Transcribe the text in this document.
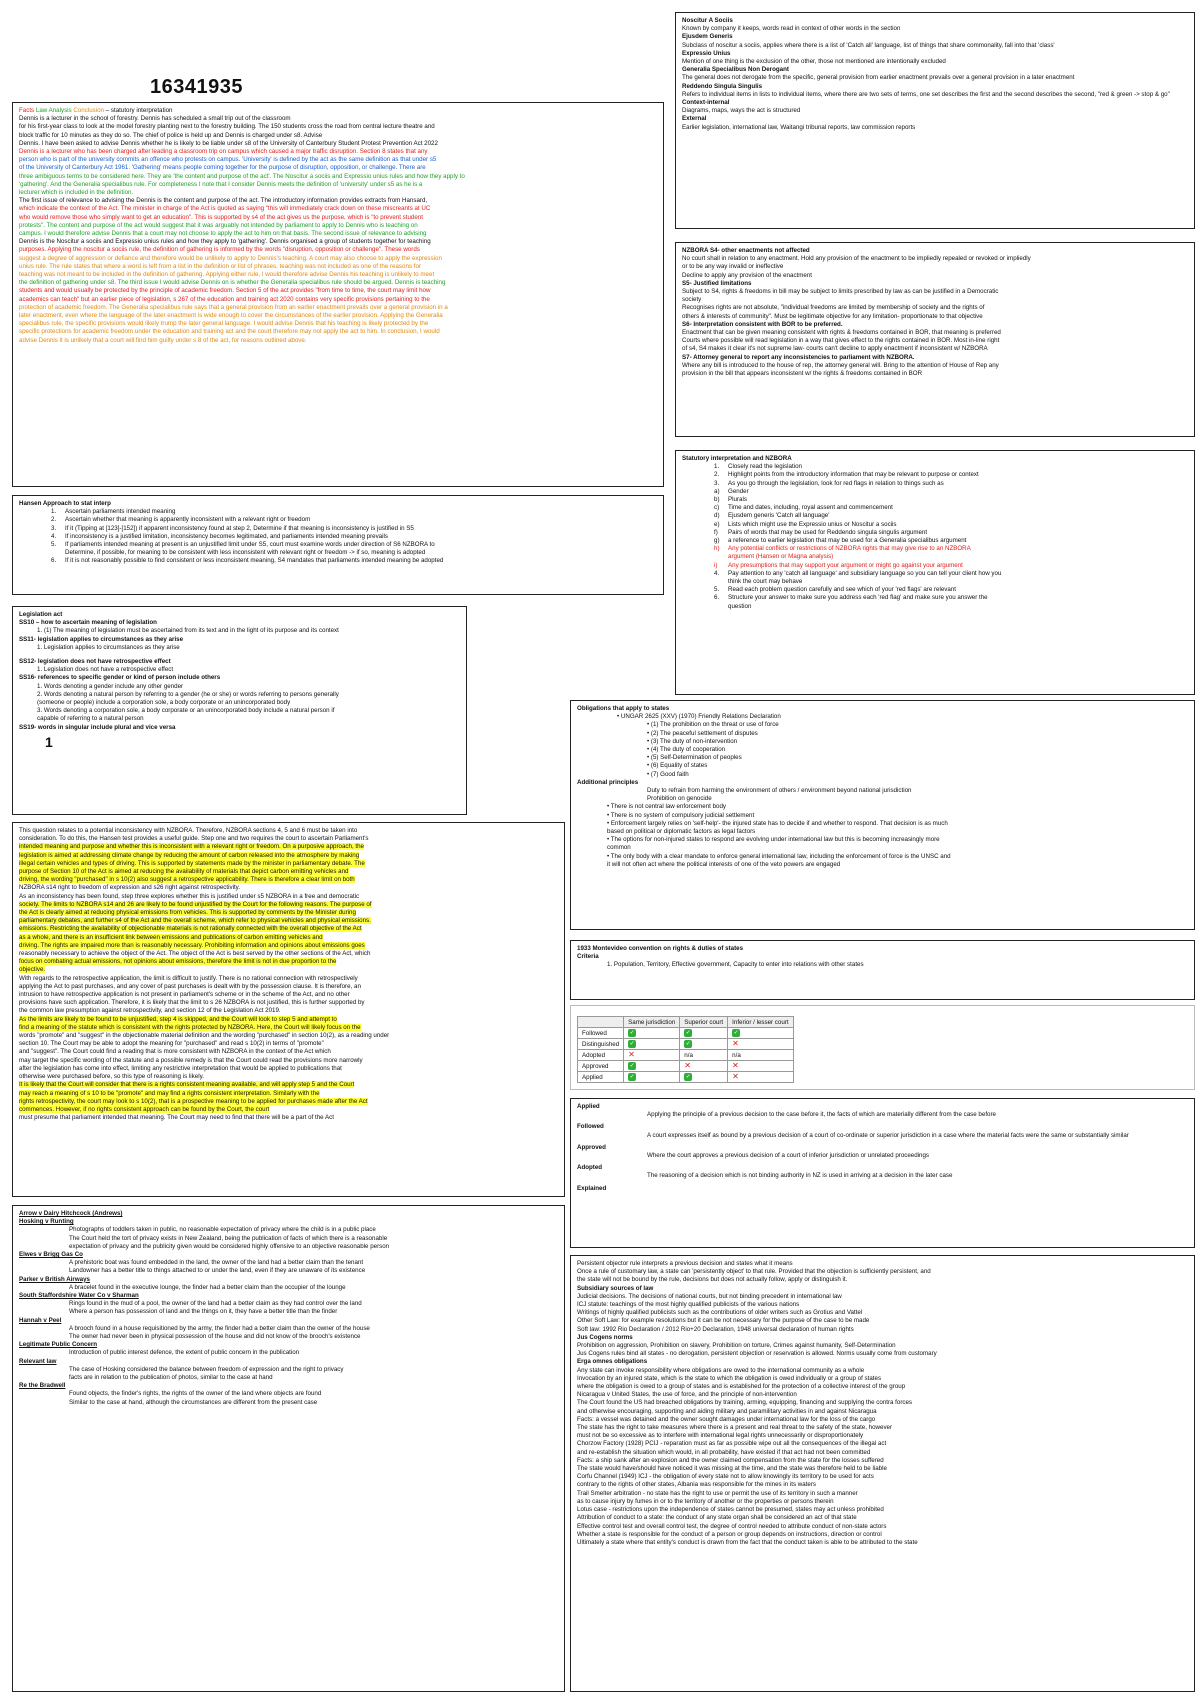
16341935
Noscitur A Sociis
Known by company it keeps, words read in context of other words in the section
Ejusdem Generis
Subclass of noscitur a sociis, applies where there is a list of 'Catch all' language, list of things that share commonality, fall into that 'class'
Expressio Unius
Mention of one thing is the exclusion of the other, those not mentioned are intentionally excluded
Generalia Specialibus Non Derogant
The general does not derogate from the specific, general provision from earlier enactment prevails over a general provision in a later enactment
Reddendo Singula Singulis
Refers to individual items in lists to individual items, where there are two sets of terms, one set describes the first and the second describes the second, "red & green -> stop & go"
Context-internal
Diagrams, maps, ways the act is structured
External
Earlier legislation, international law, Waitangi tribunal reports, law commission reports
Facts Law Analysis Conclusion – statutory interpretation
Dennis is a lecturer in the school of forestry. Dennis has scheduled a small trip out of the classroom
for his first-year class to look at the model forestry planting next to the forestry building. The 150 students cross the road from central lecture theatre and
block traffic for 10 minutes as they do so. The chief of police is held up and Dennis is charged under s8. Advise
Dennis. I have been asked to advise Dennis whether he is likely to be liable under s8 of the University of Canterbury Student Protest Prevention Act 2022
Dennis is a lecturer who has been charged after leading a classroom trip on campus which caused a major traffic disruption. Section 8 states that any
person who is part of the university commits an offence who protests on campus. 'University' is defined by the act as the same definition as that under s5
of the University of Canterbury Act 1961. 'Gathering' means people coming together for the purpose of disruption, opposition, or challenge. There are
three ambiguous terms to be considered here. They are 'the content and purpose of the act'. The Noscitur a sociis and Expressio unius rules and how they apply to
'gathering'. And the Generalia specialibus rule. For completeness I note that I consider Dennis meets the definition of 'university' under s5 as he is a
lecturer which is included in the definition.
The first issue of relevance to advising the Dennis is the content and purpose of the act. The introductory information provides extracts from Hansard,
which indicate the context of the Act. The minister in charge of the Act is quoted as saying "this will immediately crack down on these miscreants at UC
who would remove those who simply want to get an education". This is supported by s4 of the act gives us the purpose, which is "to prevent student
protests". The content and purpose of the act would suggest that it was arguably not intended by parliament to apply to Dennis who is teaching on
campus. I would therefore advise Dennis that a court may not choose to apply the act to him on that basis. The second issue of relevance to advising
Dennis is the Noscitur a sociis and Expressio unius rules and how they apply to 'gathering'. Dennis organised a group of students together for teaching
purposes. Applying the noscitur a sociis rule, the definition of gathering is informed by the words "disruption, opposition or challenge". These words
suggest a degree of aggression or defiance and therefore would be unlikely to apply to Dennis's teaching. A court may also choose to apply the expression
unius rule. The rule states that where a word is left from a list in the definition or list of phrases, teaching was not included as one of the reasons for
teaching was not meant to be included in the definition of gathering. Applying either rule, I would therefore advise Dennis his teaching is unlikely to meet
the definition of gathering under s8. The third issue I would advise Dennis on is whether the Generalia specialibus rule should be argued. Dennis is teaching
students and would usually be protected by the principle of academic freedom. Section 5 of the act provides "from time to time, the court may limit how
academics can teach" but an earlier piece of legislation, s 267 of the education and training act 2020 contains very specific provisions pertaining to the
protection of academic freedom. The Generalia specialibus rule says that a general provision from an earlier enactment prevails over a general provision in a
later enactment, even where the language of the later enactment is wide enough to cover the circumstances of the earlier provision. Applying the Generalia
specialibus rule, the specific provisions would likely trump the later general language. I would advise Dennis that his teaching is likely protected by the
specific protections for academic freedom under the education and training act and the court therefore may not apply the act to him. In conclusion, I would
advise Dennis it is unlikely that a court will find him guilty under s 8 of the act, for reasons outlined above.
NZBORA S4- other enactments not affected
No court shall in relation to any enactment. Hold any provision of the enactment to be impliedly repealed or revoked or impliedly
or to be any way invalid or ineffective
Decline to apply any provision of the enactment
S5- Justified limitations
Subject to S4, rights & freedoms in bill may be subject to limits prescribed by law as can be justified in a Democratic
society
Recognises rights are not absolute, "individual freedoms are limited by membership of society and the rights of
others & interests of community". Must be legitimate objective for any limitation- proportionate to that objective
S6- Interpretation consistent with BOR to be preferred.
Enactment that can be given meaning consistent with rights & freedoms contained in BOR, that meaning is preferred
Courts where possible will read legislation in a way that gives effect to the rights contained in BOR. Most in-line right
of s4, S4 makes it clear it's not supreme law- courts can't decline to apply enactment if inconsistent w/ NZBORA
S7- Attorney general to report any inconsistencies to parliament with NZBORA.
Where any bill is introduced to the house of rep, the attorney general will. Bring to the attention of House of Rep any
provision in the bill that appears inconsistent w/ the rights & freedoms contained in BOR
Hansen Approach to stat interp
1. Ascertain parliaments intended meaning
2. Ascertain whether that meaning is apparently inconsistent with a relevant right or freedom
3. If it (Tipping at [123]-[152]) if apparent inconsistency found at step 2, Determine if that meaning is inconsistency is justified in S5
4. If inconsistency is a justified limitation, inconsistency becomes legitimated, and parliaments intended meaning prevails
5. If parliaments intended meaning at present is an unjustified limit under S5, court must examine words under direction of S6 NZBORA to
Determine, if possible, for meaning to be consistent with less inconsistent with relevant right or freedom -> if so, meaning is adopted
6. If it is not reasonably possible to find consistent or less inconsistent meaning, S4 mandates that parliaments intended meaning be adopted
Statutory interpretation and NZBORA
1. Closely read the legislation
2. Highlight points from the introductory information that may be relevant to purpose or context
3. As you go through the legislation, look for red flags in relation to things such as
a) Gender
b) Plurals
c) Time and dates, including, royal assent and commencement
d) Ejusdem generis 'Catch all language'
e) Lists which might use the Expressio unius or Noscitur a sociis
f) Pairs of words that may be used for Reddendo singula singulis argument
g) a reference to earlier legislation that may be used for a Generalia specialibus argument
h) Any potential conflicts or restrictions of NZBORA rights that may give rise to an NZBORA
argument (Hansen or Magna analysis)
i) Any presumptions that may support your argument or might go against your argument
4. Pay attention to any 'catch all language' and subsidiary language so you can tell your client how you
think the court may behave
5. Read each problem question carefully and see which of your 'red flags' are relevant
6. Structure your answer to make sure you address each 'red flag' and make sure you answer the
question
Legislation act
SS10 – how to ascertain meaning of legislation
1. (1) The meaning of legislation must be ascertained from its text and in the light of its purpose and its context
SS11- legislation applies to circumstances as they arise
1. Legislation applies to circumstances as they arise
SS12- legislation does not have retrospective effect
1. Legislation does not have a retrospective effect
SS16- references to specific gender or kind of person include others
1. Words denoting a gender include any other gender
2. Words denoting a natural person by referring to a gender (he or she) or words referring to persons generally
(someone or people) include a corporation sole, a body corporate or an unincorporated body
3. Words denoting a corporation sole, a body corporate or an unincorporated body include a natural person if
capable of referring to a natural person
SS19- words in singular include plural and vice versa
1
Obligations that apply to states
• UNGAR 2625 (XXV) (1970) Friendly Relations Declaration
• (1) The prohibition on the threat or use of force
• (2) The peaceful settlement of disputes
• (3) The duty of non-intervention
• (4) The duty of cooperation
• (5) Self-Determination of peoples
• (6) Equality of states
• (7) Good faith
Additional principles
Duty to refrain from harming the environment of others / environment beyond national jurisdiction
Prohibition on genocide
• There is not central law enforcement body
• There is no system of compulsory judicial settlement
• Enforcement largely relies on 'self-help'- the injured state has to decide if and whether to respond. That decision is as much
based on political or diplomatic factors as legal factors
• The options for non-injured states to respond are evolving under international law but this is becoming increasingly more
common
• The only body with a clear mandate to enforce general international law, including the enforcement of force is the UNSC and
it will not often act where the political interests of one of the veto powers are engaged
This question relates to a potential inconsistency with NZBORA. Therefore, NZBORA sections 4, 5 and 6 must be taken into
consideration. To do this, the Hansen test provides a useful guide. Step one and two requires the court to ascertain Parliament's
intended meaning and purpose and whether this is inconsistent with a relevant right or freedom. On a purposive approach, the
legislation is aimed at addressing climate change by reducing the amount of carbon released into the atmosphere by making
illegal certain vehicles and types of driving. This is supported by statements made by the minister in parliamentary debate. The
purpose of Section 10 of the Act is aimed at reducing the availability of materials that depict carbon emitting vehicles and
driving, the wording "purchased" in s 10(2) also suggest a retrospective applicability. There is therefore a clear limit on both
NZBORA s14 right to freedom of expression and s26 right against retrospectivity.
As an inconsistency has been found, step three explores whether this is justified under s5 NZBORA in a free and democratic
society. The limits to NZBORA s14 and 26 are likely to be found unjustified by the Court for the following reasons. The purpose of
the Act is clearly aimed at reducing physical emissions from vehicles. This is supported by comments by the Minister during
parliamentary debates, and further s4 of the Act and the overall scheme, which refer to physical vehicles and physical emissions.
emissions. Restricting the availability of objectionable materials is not rationally connected with the overall objective of the Act
as a whole, and there is an insufficient link between emissions and publications of carbon emitting vehicles and
driving. The rights are impaired more than is reasonably necessary. Prohibiting information and opinions about emissions goes
reasonably necessary to achieve the object of the Act. The object of the Act is best served by the other sections of the Act, which
focus on combating actual emissions, not opinions about emissions, therefore the limit is not in due proportion to the
objective.
With regards to the retrospective application, the limit is difficult to justify. There is no rational connection with retrospectively
applying the Act to past purchases, and any cover of past purchases is dealt with by the possession clause. It is therefore, an
intrusion to have retrospective application is not present in parliament's scheme or in the scheme of the Act, and no other
provisions have such application. Therefore, it is likely that the limit to s 26 NZBORA is not justified, this is further supported by
the common law presumption against retrospectivity, and section 12 of the Legislation Act 2019.
As the limits are likely to be found to be unjustified, step 4 is skipped, and the Court will look to step 5 and attempt to
find a meaning of the statute which is consistent with the rights protected by NZBORA. Here, the Court will likely focus on the
words "promote" and "suggest" in the objectionable material definition and the wording "purchased" in section 10(2), as a reading under
section 10. The Court may be able to adopt the meaning for "purchased" and read s 10(2) in terms of "promote"
and "suggest". The Court could find a reading that is more consistent with NZBORA in the context of the Act which
may target the specific wording of the statute and a possible remedy is that the Court could read the provisions more narrowly
after the legislation has come into effect, limiting any restrictive interpretation that would be applied to publications that
otherwise were purchased before, so this type of reasoning is likely.
It is likely that the Court will consider that there is a rights consistent meaning available, and will apply step 5 and the Court
may reach a meaning of s 10 to be "promote" and may find a rights consistent interpretation. Similarly with the
rights retrospectivity, the court may look to s 10(2), that is a prospective meaning to be applied for purchases made after the Act
commences. However, if no rights consistent approach can be found by the Court, the court
must presume that parliament intended that meaning. The Court may need to find that there will be a part of the Act
1933 Montevideo convention on rights & duties of states
Criteria
1. Population, Territory, Effective government, Capacity to enter into relations with other states
	Same jurisdiction	Superior court	Inferior / lesser court
Followed	✓	✓	✓
Distinguished	✓	✓	✕
Adopted	✕	n/a	n/a
Approved	✓	✕	✕
Applied	✓	✓	✕
Applied
Applying the principle of a previous decision to the case before it, the facts of which are materially different from the case before
Followed
A court expresses itself as bound by a previous decision of a court of co-ordinate or superior jurisdiction in a case where the material facts were the same or substantially similar
Approved
Where the court approves a previous decision of a court of inferior jurisdiction or unrelated proceedings
Adopted
The reasoning of a decision which is not binding authority in NZ is used in arriving at a decision in the later case
Explained
Arrow v Dairy Hitchcock (Andrews)
Hosking v Runting
Photographs of toddlers taken in public, no reasonable expectation of privacy where the child is in a public place
The Court held the tort of privacy exists in New Zealand, being the publication of facts of which there is a reasonable
expectation of privacy and the publicity given would be considered highly offensive to an objective reasonable person
Elwes v Brigg Gas Co
A prehistoric boat was found embedded in the land, the owner of the land had a better claim than the tenant
Landowner has a better title to things attached to or under the land, even if they are unaware of its existence
Parker v British Airways
A bracelet found in the executive lounge, the finder had a better claim than the occupier of the lounge
South Staffordshire Water Co v Sharman
Rings found in the mud of a pool, the owner of the land had a better claim as they had control over the land
Where a person has possession of land and the things on it, they have a better title than the finder
Hannah v Peel
A brooch found in a house requisitioned by the army, the finder had a better claim than the owner of the house
The owner had never been in physical possession of the house and did not know of the brooch's existence
Legitimate Public Concern
Introduction of public interest defence, the extent of public concern in the publication
Relevant law
The case of Hosking considered the balance between freedom of expression and the right to privacy
facts are in relation to the publication of photos, similar to the case at hand
Re the Bradwell
Found objects, the finder's rights, the rights of the owner of the land where objects are found
Similar to the case at hand, although the circumstances are different from the present case
Persistent objector rule interprets a previous decision and states what it means
Once a rule of customary law, a state can 'persistently object' to that rule. Provided that the objection is sufficiently persistent, and
the state will not be bound by the rule, decisions but does not actually follow, apply or distinguish it.
Subsidiary sources of law
Judicial decisions. The decisions of national courts, but not binding precedent in international law
ICJ statute: teachings of the most highly qualified publicists of the various nations
Writings of highly qualified publicists such as the contributions of older writers such as Grotius and Vattel
Other Soft Law: for example resolutions but it can be not necessary for the purpose of the case to be made
Soft law: 1992 Rio Declaration / 2012 Rio+20 Declaration, 1948 universal declaration of human rights
Jus Cogens norms
Prohibition on aggression, Prohibition on slavery, Prohibition on torture, Crimes against humanity, Self-Determination
Jus Cogens rules bind all states - no derogation, persistent objection or reservation is allowed. Norms usually come from customary
Erga omnes obligations
Any state can invoke responsibility where obligations are owed to the international community as a whole
Invocation by an injured state, which is the state to which the obligation is owed individually or a group of states
where the obligation is owed to a group of states and is established for the protection of a collective interest of the group
Nicaragua v United States, the use of force, and the principle of non-intervention
The Court found the US had breached obligations by training, arming, equipping, financing and supplying the contra forces
and otherwise encouraging, supporting and aiding military and paramilitary activities in and against Nicaragua
Facts: a vessel was detained and the owner sought damages under international law for the loss of the cargo
The state has the right to take measures where there is a present and real threat to the safety of the state, however
must not be so excessive as to interfere with international legal rights unnecessarily or disproportionately
Chorzow Factory (1928) PCIJ - reparation must as far as possible wipe out all the consequences of the illegal act
and re-establish the situation which would, in all probability, have existed if that act had not been committed
Facts: a ship sank after an explosion and the owner claimed compensation from the state for the losses suffered
The state would have/should have noticed it was missing at the time, and the state was therefore held to be liable
Corfu Channel (1949) ICJ - the obligation of every state not to allow knowingly its territory to be used for acts
contrary to the rights of other states, Albania was responsible for the mines in its waters
Trail Smelter arbitration - no state has the right to use or permit the use of its territory in such a manner
as to cause injury by fumes in or to the territory of another or the properties or persons therein
Lotus case - restrictions upon the independence of states cannot be presumed, states may act unless prohibited
Attribution of conduct to a state: the conduct of any state organ shall be considered an act of that state
Effective control test and overall control test, the degree of control needed to attribute conduct of non-state actors
Whether a state is responsible for the conduct of a person or group depends on instructions, direction or control
Ultimately a state where that entity's conduct is drawn from the fact that the conduct taken is able to be attributed to the state
